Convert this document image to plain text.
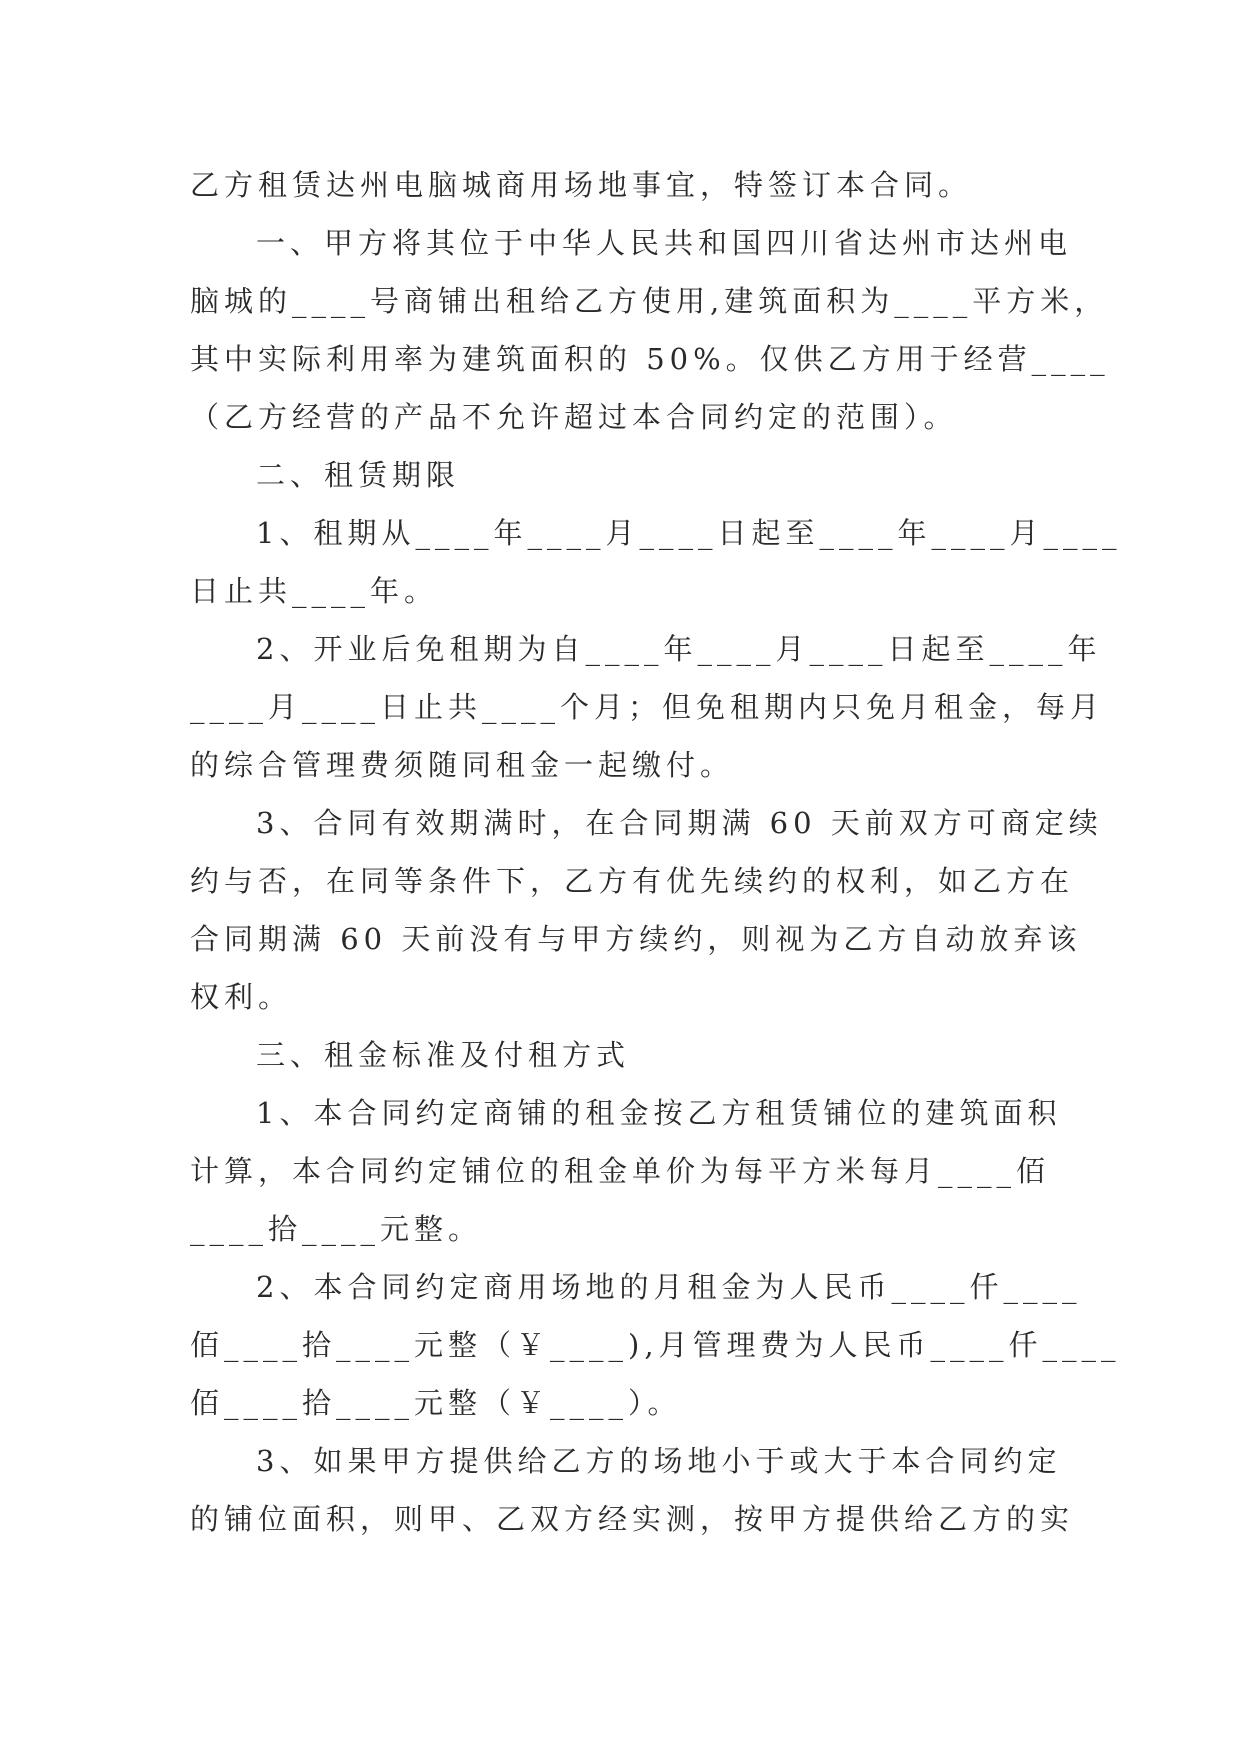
乙方租赁达州电脑城商用场地事宜，特签订本合同。
一、甲方将其位于中华人民共和国四川省达州市达州电
脑城的____号商铺出租给乙方使用,建筑面积为____平方米，
其中实际利用率为建筑面积的 50%。仅供乙方用于经营____
（乙方经营的产品不允许超过本合同约定的范围）。
二、租赁期限
1、租期从____年____月____日起至____年____月____
日止共____年。
2、开业后免租期为自____年____月____日起至____年
____月____日止共____个月；但免租期内只免月租金，每月
的综合管理费须随同租金一起缴付。
3、合同有效期满时，在合同期满 60 天前双方可商定续
约与否，在同等条件下，乙方有优先续约的权利，如乙方在
合同期满 60 天前没有与甲方续约，则视为乙方自动放弃该
权利。
三、租金标准及付租方式
1、本合同约定商铺的租金按乙方租赁铺位的建筑面积
计算，本合同约定铺位的租金单价为每平方米每月____佰
____拾____元整。
2、本合同约定商用场地的月租金为人民币____仟____
佰____拾____元整（￥____),月管理费为人民币____仟____
佰____拾____元整（￥____）。
3、如果甲方提供给乙方的场地小于或大于本合同约定
的铺位面积，则甲、乙双方经实测，按甲方提供给乙方的实
